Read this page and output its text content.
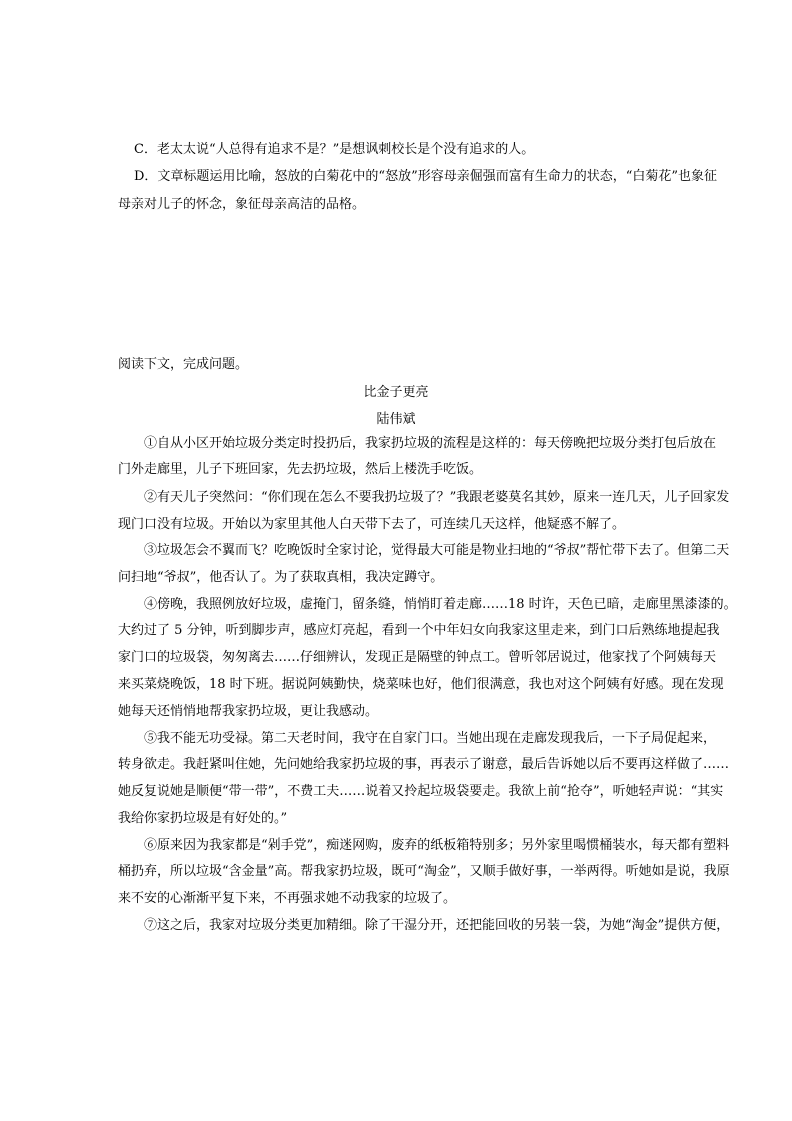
C．老太太说“人总得有追求不是？”是想讽刺校长是个没有追求的人。
D．文章标题运用比喻，怒放的白菊花中的“怒放”形容母亲倔强而富有生命力的状态，“白菊花”也象征
母亲对儿子的怀念，象征母亲高洁的品格。
阅读下文，完成问题。
比金子更亮
陆伟斌
①自从小区开始垃圾分类定时投扔后，我家扔垃圾的流程是这样的：每天傍晚把垃圾分类打包后放在
门外走廊里，儿子下班回家，先去扔垃圾，然后上楼洗手吃饭。
②有天儿子突然问：“你们现在怎么不要我扔垃圾了？”我跟老婆莫名其妙，原来一连几天，儿子回家发
现门口没有垃圾。开始以为家里其他人白天带下去了，可连续几天这样，他疑惑不解了。
③垃圾怎会不翼而飞？吃晚饭时全家讨论，觉得最大可能是物业扫地的“爷叔”帮忙带下去了。但第二天
问扫地“爷叔”，他否认了。为了获取真相，我决定蹲守。
④傍晚，我照例放好垃圾，虚掩门，留条缝，悄悄盯着走廊……18 时许，天色已暗，走廊里黑漆漆的。
大约过了 5 分钟，听到脚步声，感应灯亮起，看到一个中年妇女向我家这里走来，到门口后熟练地提起我
家门口的垃圾袋，匆匆离去……仔细辨认，发现正是隔壁的钟点工。曾听邻居说过，他家找了个阿姨每天
来买菜烧晚饭，18 时下班。据说阿姨勤快，烧菜味也好，他们很满意，我也对这个阿姨有好感。现在发现
她每天还悄悄地帮我家扔垃圾，更让我感动。
⑤我不能无功受禄。第二天老时间，我守在自家门口。当她出现在走廊发现我后，一下子局促起来，
转身欲走。我赶紧叫住她，先问她给我家扔垃圾的事，再表示了谢意，最后告诉她以后不要再这样做了……
她反复说她是顺便“带一带”，不费工夫……说着又拎起垃圾袋要走。我欲上前“抢夺”，听她轻声说：“其实
我给你家扔垃圾是有好处的。”
⑥原来因为我家都是“剁手党”，痴迷网购，废弃的纸板箱特别多；另外家里喝惯桶装水，每天都有塑料
桶扔弃，所以垃圾“含金量”高。帮我家扔垃圾，既可“淘金”，又顺手做好事，一举两得。听她如是说，我原
来不安的心渐渐平复下来，不再强求她不动我家的垃圾了。
⑦这之后，我家对垃圾分类更加精细。除了干湿分开，还把能回收的另装一袋，为她“淘金”提供方便，
